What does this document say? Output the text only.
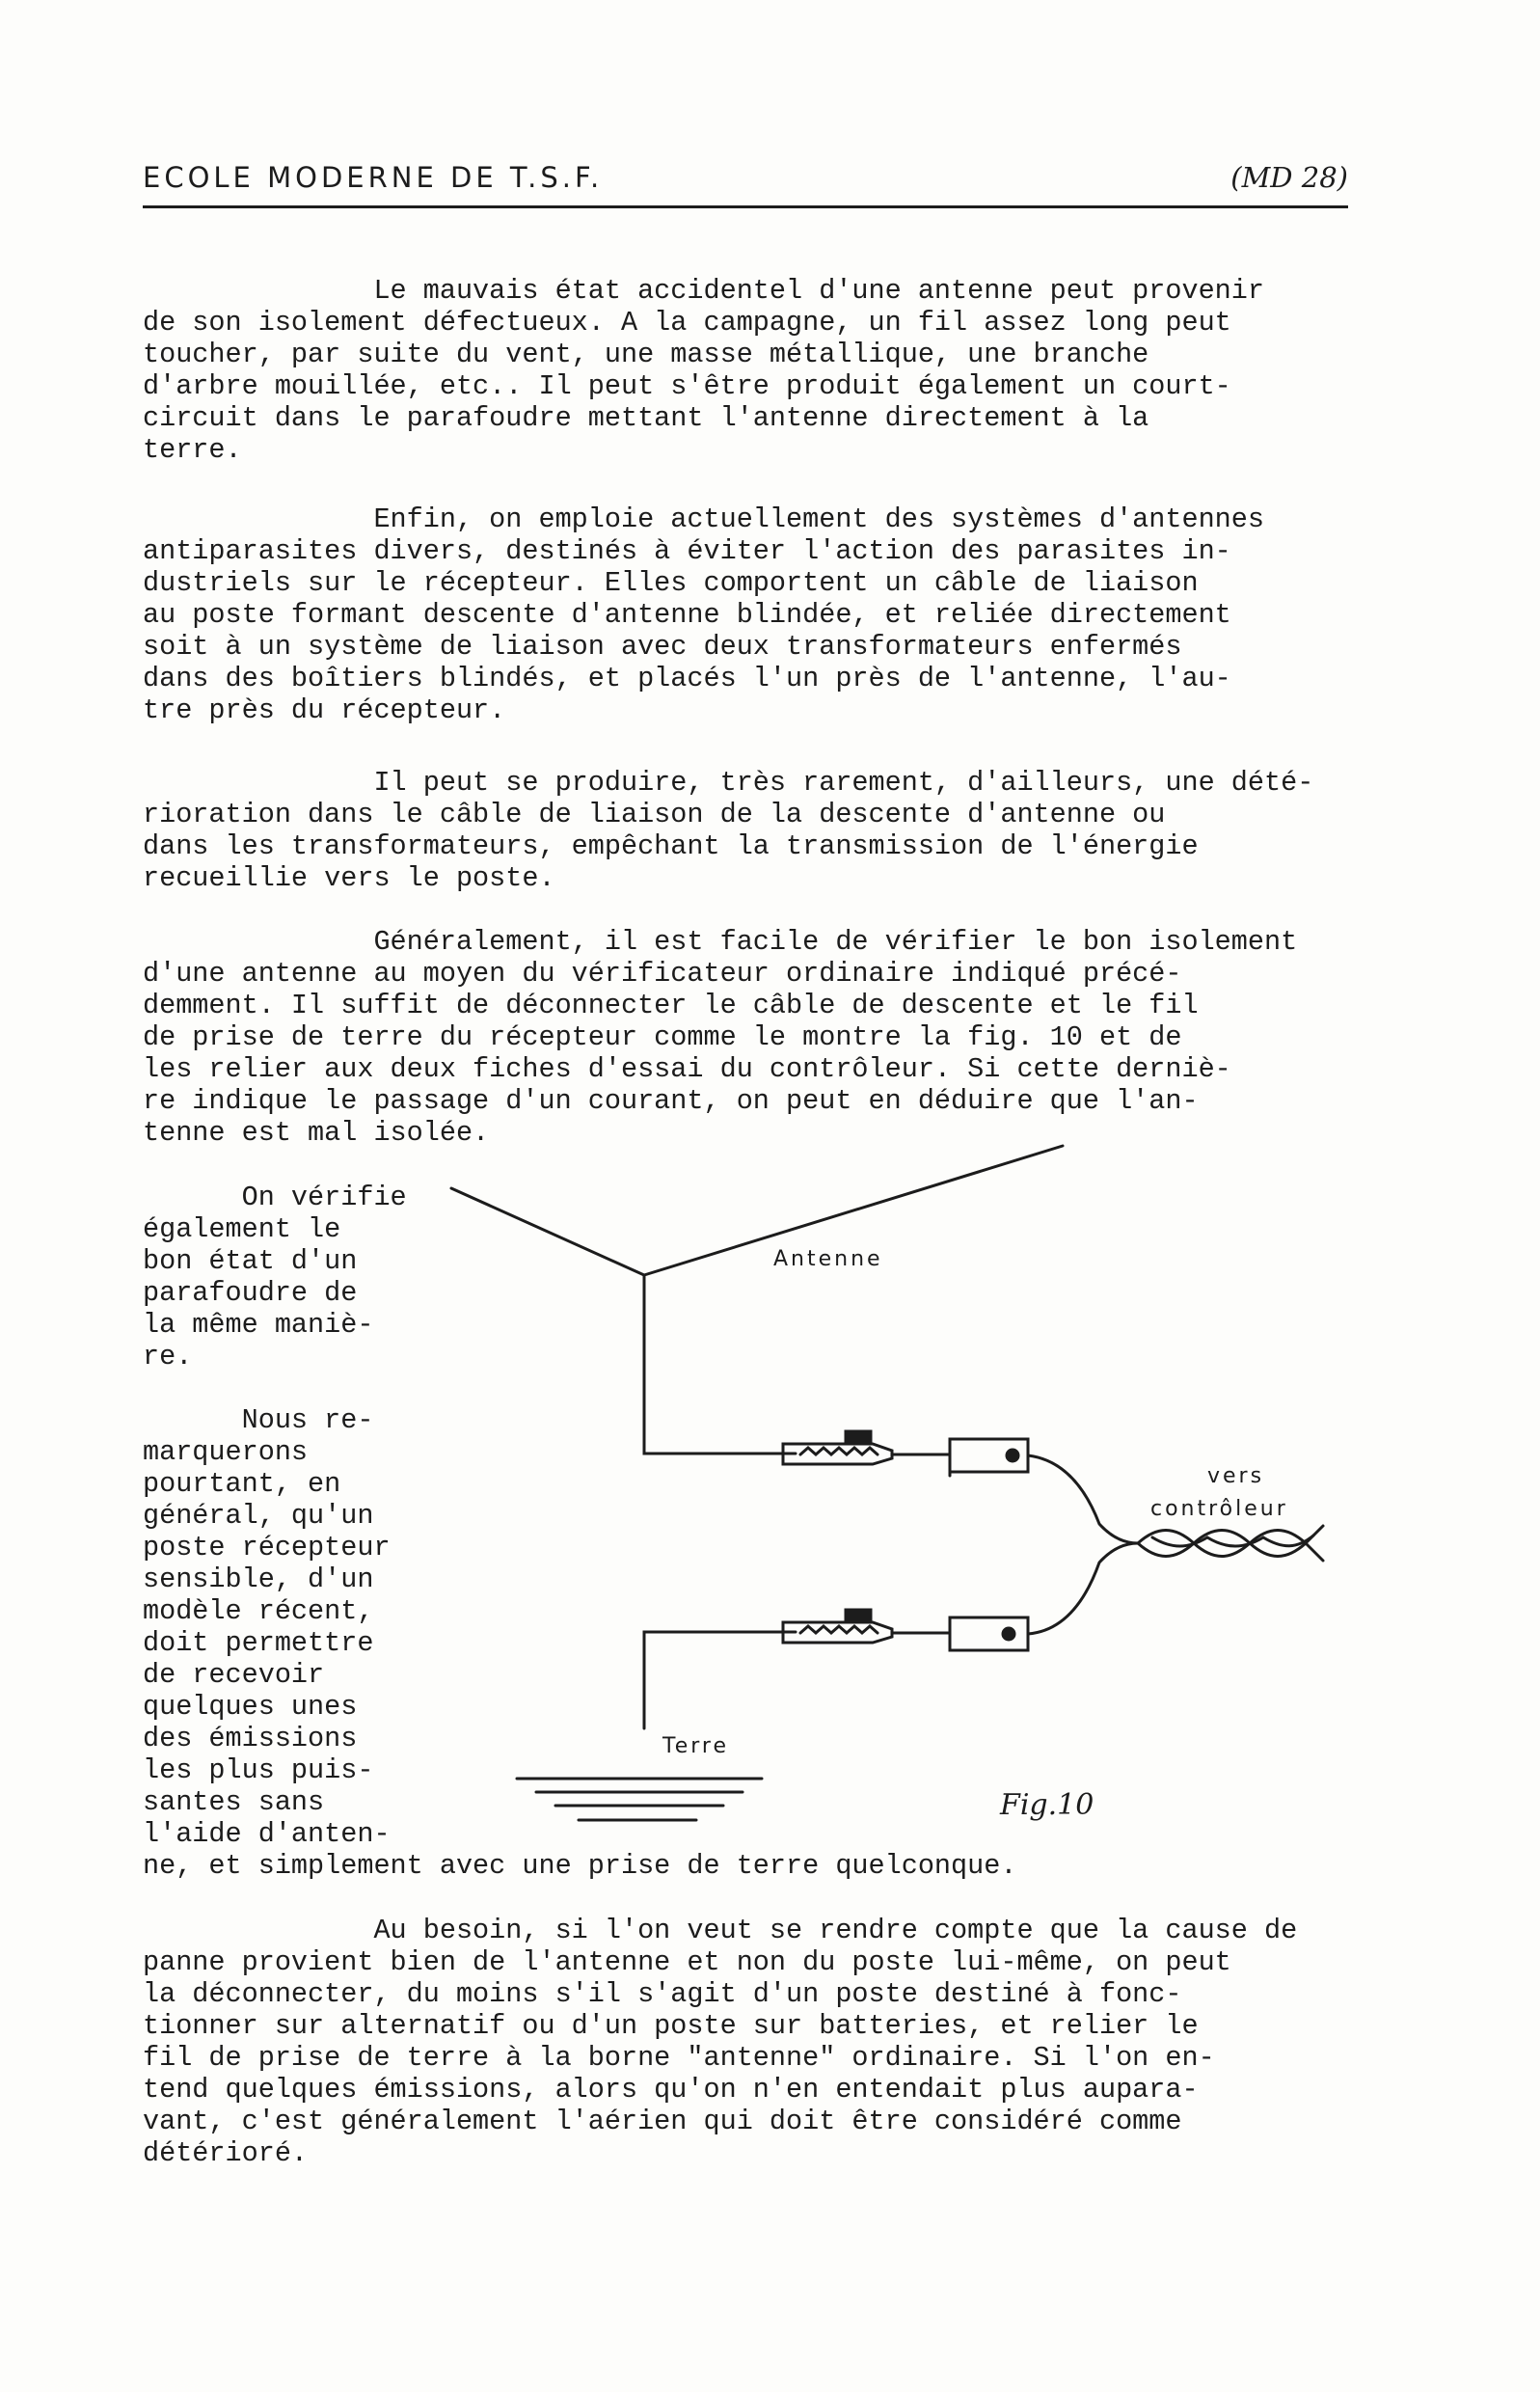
ECOLE MODERNE DE T.S.F.	(MD 28)

Le mauvais état accidentel d'une antenne peut provenir
de son isolement défectueux. A la campagne, un fil assez long peut
toucher, par suite du vent, une masse métallique, une branche
d'arbre mouillée, etc.. Il peut s'être produit également un court-
circuit dans le parafoudre mettant l'antenne directement à la
terre.

Enfin, on emploie actuellement des systèmes d'antennes
antiparasites divers, destinés à éviter l'action des parasites in-
dustriels sur le récepteur. Elles comportent un câble de liaison
au poste formant descente d'antenne blindée, et reliée directement
soit à un système de liaison avec deux transformateurs enfermés
dans des boîtiers blindés, et placés l'un près de l'antenne, l'au-
tre près du récepteur.

Il peut se produire, très rarement, d'ailleurs, une dété-
rioration dans le câble de liaison de la descente d'antenne ou
dans les transformateurs, empêchant la transmission de l'énergie
recueillie vers le poste.

Généralement, il est facile de vérifier le bon isolement
d'une antenne au moyen du vérificateur ordinaire indiqué précé-
demment. Il suffit de déconnecter le câble de descente et le fil
de prise de terre du récepteur comme le montre la fig. 10 et de
les relier aux deux fiches d'essai du contrôleur. Si cette derniè-
re indique le passage d'un courant, on peut en déduire que l'an-
tenne est mal isolée.

On vérifie
également le
bon état d'un
parafoudre de
la même maniè-
re.

Nous re-
marquerons
pourtant, en
général, qu'un
poste récepteur
sensible, d'un
modèle récent,
doit permettre
de recevoir
quelques unes
des émissions
les plus puis-
santes sans
l'aide d'anten-

ne, et simplement avec une prise de terre quelconque.

Au besoin, si l'on veut se rendre compte que la cause de
panne provient bien de l'antenne et non du poste lui-même, on peut
la déconnecter, du moins s'il s'agit d'un poste destiné à fonc-
tionner sur alternatif ou d'un poste sur batteries, et relier le
fil de prise de terre à la borne "antenne" ordinaire. Si l'on en-
tend quelques émissions, alors qu'on n'en entendait plus aupara-
vant, c'est généralement l'aérien qui doit être considéré comme
détérioré.

Antenne
vers
contrôleur
Terre
Fig.10
